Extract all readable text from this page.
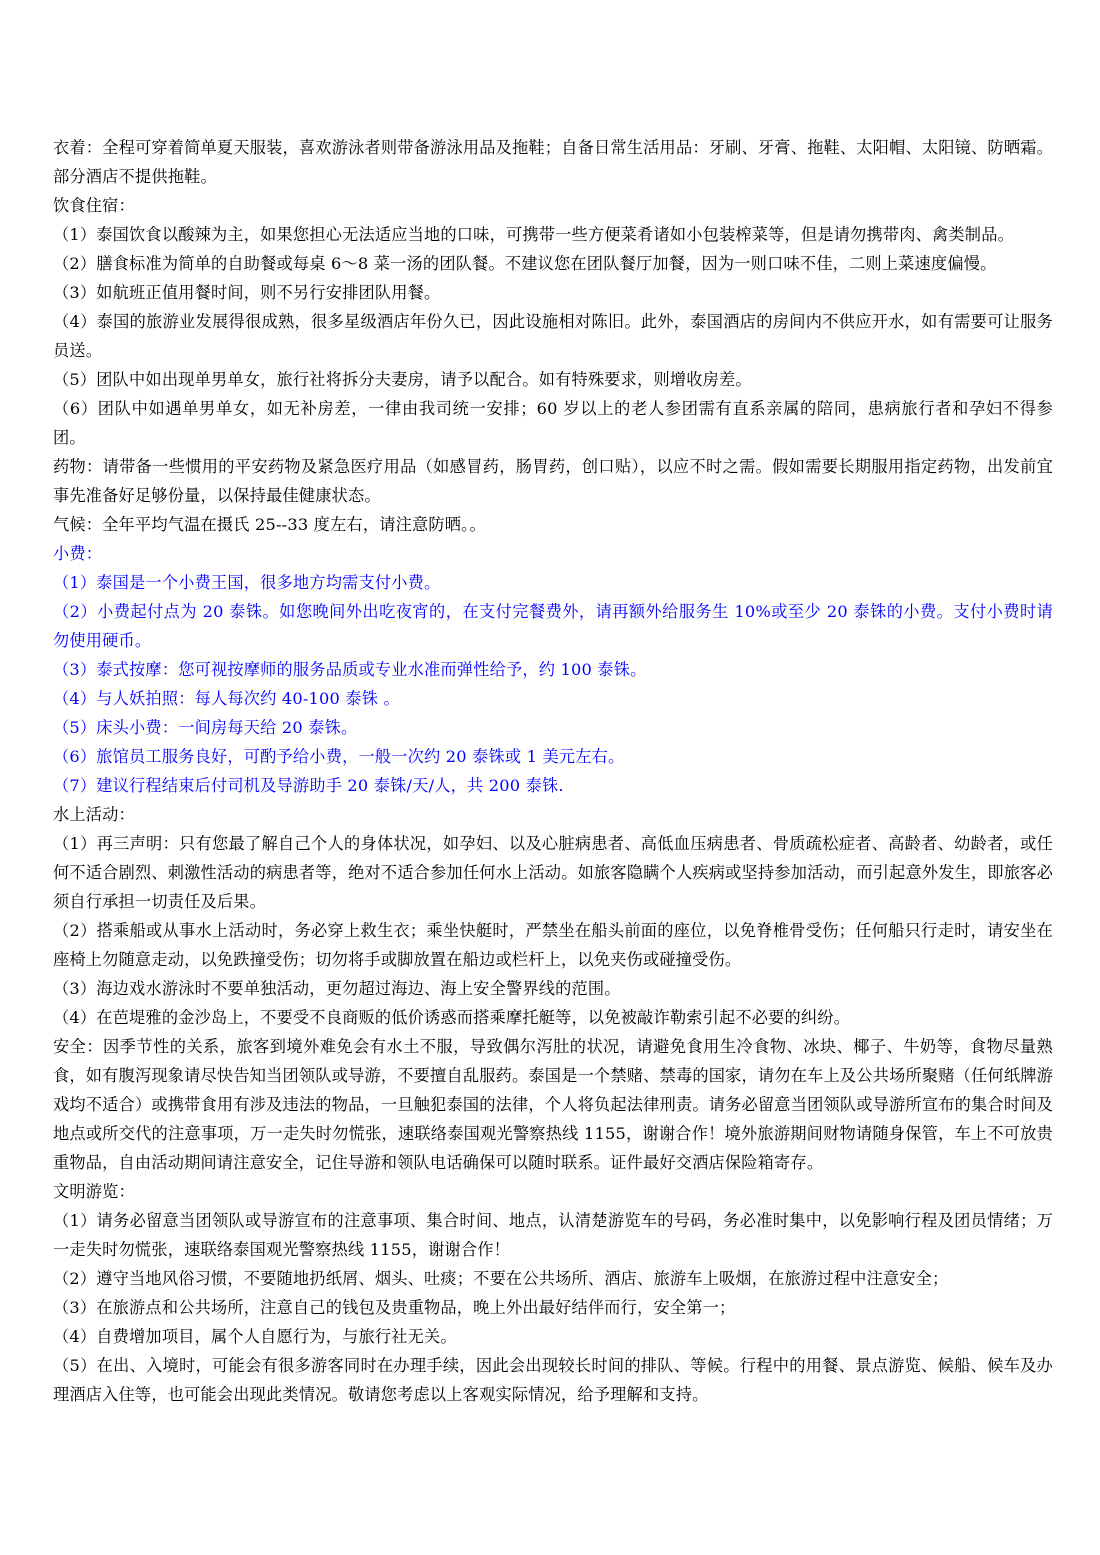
衣着：全程可穿着简单夏天服装，喜欢游泳者则带备游泳用品及拖鞋；自备日常生活用品：牙刷、牙膏、拖鞋、太阳帽、太阳镜、防晒霜。部分酒店不提供拖鞋。

饮食住宿：

（1）泰国饮食以酸辣为主，如果您担心无法适应当地的口味，可携带一些方便菜肴诸如小包装榨菜等，但是请勿携带肉、禽类制品。

（2）膳食标准为简单的自助餐或每桌 6～8 菜一汤的团队餐。不建议您在团队餐厅加餐，因为一则口味不佳，二则上菜速度偏慢。

（3）如航班正值用餐时间，则不另行安排团队用餐。

（4）泰国的旅游业发展得很成熟，很多星级酒店年份久已，因此设施相对陈旧。此外，泰国酒店的房间内不供应开水，如有需要可让服务员送。

（5）团队中如出现单男单女，旅行社将拆分夫妻房，请予以配合。如有特殊要求，则增收房差。

（6）团队中如遇单男单女，如无补房差，一律由我司统一安排；60 岁以上的老人参团需有直系亲属的陪同，患病旅行者和孕妇不得参团。

药物：请带备一些惯用的平安药物及紧急医疗用品（如感冒药，肠胃药，创口贴），以应不时之需。假如需要长期服用指定药物，出发前宜事先准备好足够份量，以保持最佳健康状态。

气候：全年平均气温在摄氏 25--33 度左右，请注意防晒。。

小费：

（1）泰国是一个小费王国，很多地方均需支付小费。

（2）小费起付点为 20 泰铢。如您晚间外出吃夜宵的，在支付完餐费外，请再额外给服务生 10%或至少 20 泰铢的小费。支付小费时请勿使用硬币。

（3）泰式按摩：您可视按摩师的服务品质或专业水准而弹性给予，约 100 泰铢。

（4）与人妖拍照：每人每次约 40-100 泰铢 。

（5）床头小费：一间房每天给 20 泰铢。

（6）旅馆员工服务良好，可酌予给小费，一般一次约 20 泰铢或 1 美元左右。

（7）建议行程结束后付司机及导游助手 20 泰铢/天/人，共 200 泰铢.

水上活动：

（1）再三声明：只有您最了解自己个人的身体状况，如孕妇、以及心脏病患者、高低血压病患者、骨质疏松症者、高龄者、幼龄者，或任何不适合剧烈、刺激性活动的病患者等，绝对不适合参加任何水上活动。如旅客隐瞒个人疾病或坚持参加活动，而引起意外发生，即旅客必须自行承担一切责任及后果。

（2）搭乘船或从事水上活动时，务必穿上救生衣；乘坐快艇时，严禁坐在船头前面的座位，以免脊椎骨受伤；任何船只行走时，请安坐在座椅上勿随意走动，以免跌撞受伤；切勿将手或脚放置在船边或栏杆上，以免夹伤或碰撞受伤。

（3）海边戏水游泳时不要单独活动，更勿超过海边、海上安全警界线的范围。

（4）在芭堤雅的金沙岛上，不要受不良商贩的低价诱惑而搭乘摩托艇等，以免被敲诈勒索引起不必要的纠纷。

安全：因季节性的关系，旅客到境外难免会有水土不服，导致偶尔泻肚的状况，请避免食用生冷食物、冰块、椰子、牛奶等，食物尽量熟食，如有腹泻现象请尽快告知当团领队或导游，不要擅自乱服药。泰国是一个禁赌、禁毒的国家，请勿在车上及公共场所聚赌（任何纸牌游戏均不适合）或携带食用有涉及违法的物品，一旦触犯泰国的法律，个人将负起法律刑责。请务必留意当团领队或导游所宣布的集合时间及地点或所交代的注意事项，万一走失时勿慌张，速联络泰国观光警察热线 1155，谢谢合作！境外旅游期间财物请随身保管，车上不可放贵重物品，自由活动期间请注意安全，记住导游和领队电话确保可以随时联系。证件最好交酒店保险箱寄存。

文明游览：

（1）请务必留意当团领队或导游宣布的注意事项、集合时间、地点，认清楚游览车的号码，务必准时集中，以免影响行程及团员情绪；万一走失时勿慌张，速联络泰国观光警察热线 1155，谢谢合作！

（2）遵守当地风俗习惯，不要随地扔纸屑、烟头、吐痰；不要在公共场所、酒店、旅游车上吸烟，在旅游过程中注意安全；

（3）在旅游点和公共场所，注意自己的钱包及贵重物品，晚上外出最好结伴而行，安全第一；

（4）自费增加项目，属个人自愿行为，与旅行社无关。

（5）在出、入境时，可能会有很多游客同时在办理手续，因此会出现较长时间的排队、等候。行程中的用餐、景点游览、候船、候车及办理酒店入住等，也可能会出现此类情况。敬请您考虑以上客观实际情况，给予理解和支持。
